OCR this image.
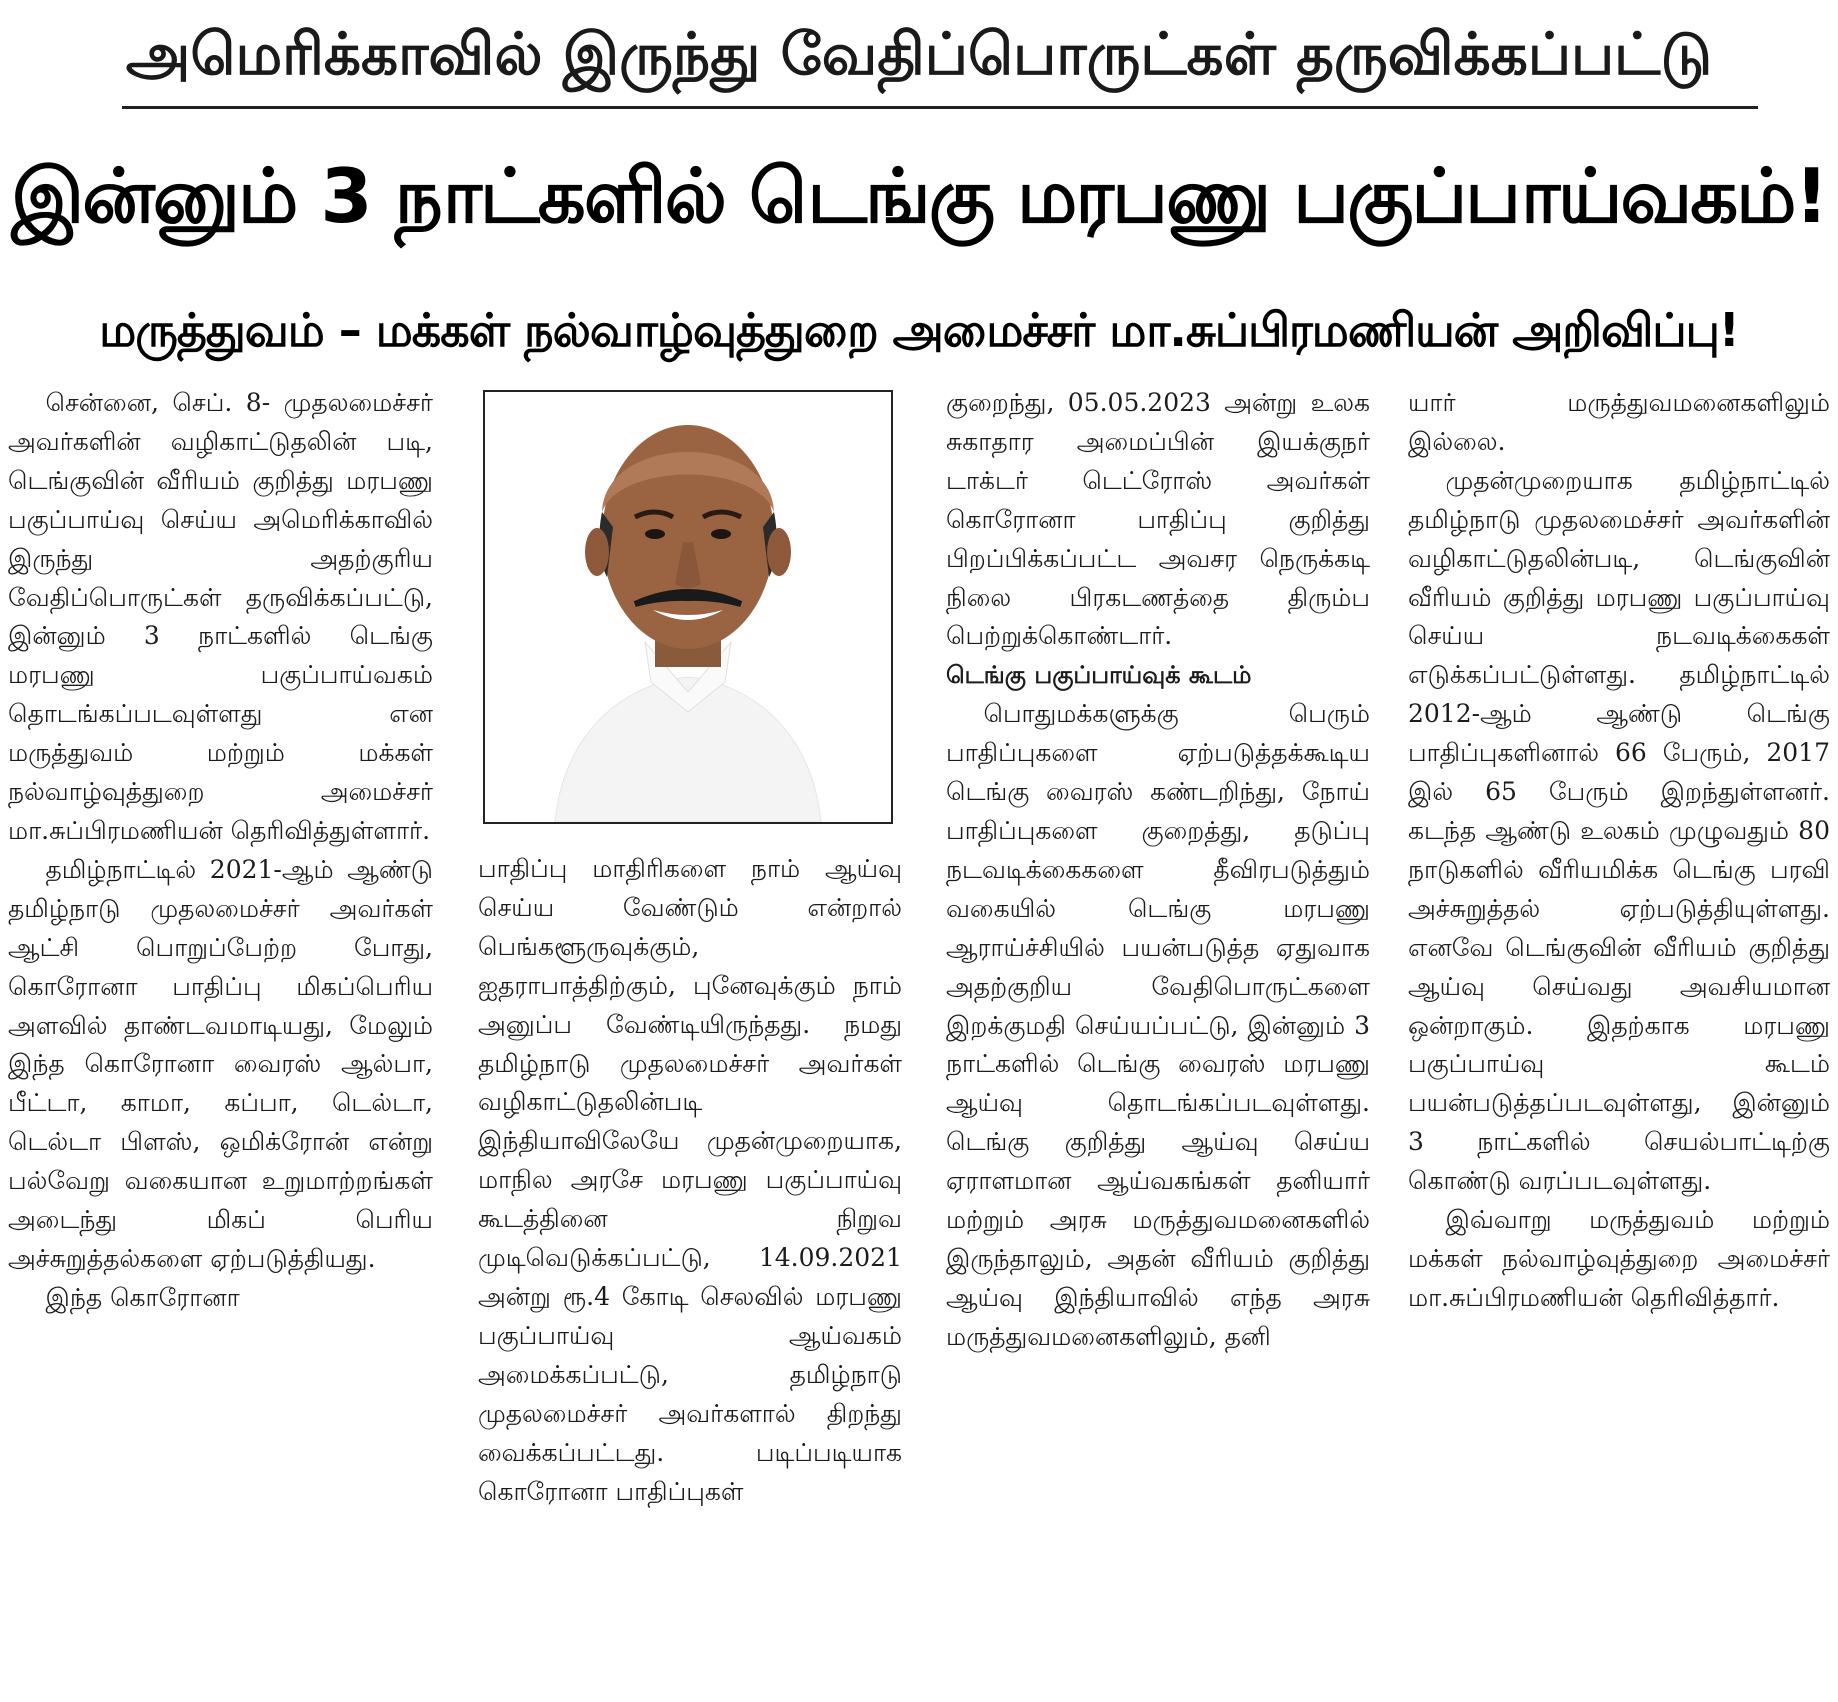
அமெரிக்காவில் இருந்து வேதிப்பொருட்கள் தருவிக்கப்பட்டு
இன்னும் 3 நாட்களில் டெங்கு மரபணு பகுப்பாய்வகம்!
மருத்துவம் – மக்கள் நல்வாழ்வுத்துறை அமைச்சர் மா.சுப்பிரமணியன் அறிவிப்பு!

சென்னை, செப். 8- முதலமைச்சர் அவர்களின் வழிகாட்டுதலின் படி, டெங்குவின் வீரியம் குறித்து மரபணு பகுப்பாய்வு செய்ய அமெரிக்காவில் இருந்து அதற்குரிய வேதிப்பொருட்கள் தருவிக்கப்பட்டு, இன்னும் 3 நாட்களில் டெங்கு மரபணு பகுப்பாய்வகம் தொடங்கப்படவுள்ளது என மருத்துவம் மற்றும் மக்கள் நல்வாழ்வுத்துறை அமைச்சர் மா.சுப்பிரமணியன் தெரிவித்துள்ளார்.

தமிழ்நாட்டில் 2021-ஆம் ஆண்டு தமிழ்நாடு முதலமைச்சர் அவர்கள் ஆட்சி பொறுப்பேற்ற போது, கொரோனா பாதிப்பு மிகப்பெரிய அளவில் தாண்டவமாடியது, மேலும் இந்த கொரோனா வைரஸ் ஆல்பா, பீட்டா, காமா, கப்பா, டெல்டா, டெல்டா பிளஸ், ஒமிக்ரோன் என்று பல்வேறு வகையான உறுமாற்றங்கள் அடைந்து மிகப் பெரிய அச்சுறுத்தல்களை ஏற்படுத்தியது.

இந்த கொரோனா

பாதிப்பு மாதிரிகளை நாம் ஆய்வு செய்ய வேண்டும் என்றால் பெங்களூருவுக்கும், ஐதராபாத்திற்கும், புனேவுக்கும் நாம் அனுப்ப வேண்டியிருந்தது. நமது தமிழ்நாடு முதலமைச்சர் அவர்கள் வழிகாட்டுதலின்படி இந்தியாவிலேயே முதன்முறையாக, மாநில அரசே மரபணு பகுப்பாய்வு கூடத்தினை நிறுவ முடிவெடுக்கப்பட்டு, 14.09.2021 அன்று ரூ.4 கோடி செலவில் மரபணு பகுப்பாய்வு ஆய்வகம் அமைக்கப்பட்டு, தமிழ்நாடு முதலமைச்சர் அவர்களால் திறந்து வைக்கப்பட்டது. படிப்படியாக கொரோனா பாதிப்புகள்

குறைந்து, 05.05.2023 அன்று உலக சுகாதார அமைப்பின் இயக்குநர் டாக்டர் டெட்ரோஸ் அவர்கள் கொரோனா பாதிப்பு குறித்து பிறப்பிக்கப்பட்ட அவசர நெருக்கடி நிலை பிரகடணத்தை திரும்ப பெற்றுக்கொண்டார்.

டெங்கு பகுப்பாய்வுக் கூடம்

பொதுமக்களுக்கு பெரும் பாதிப்புகளை ஏற்படுத்தக்கூடிய டெங்கு வைரஸ் கண்டறிந்து, நோய் பாதிப்புகளை குறைத்து, தடுப்பு நடவடிக்கைகளை தீவிரபடுத்தும் வகையில் டெங்கு மரபணு ஆராய்ச்சியில் பயன்படுத்த ஏதுவாக அதற்குறிய வேதிபொருட்களை இறக்குமதி செய்யப்பட்டு, இன்னும் 3 நாட்களில் டெங்கு வைரஸ் மரபணு ஆய்வு தொடங்கப்படவுள்ளது. டெங்கு குறித்து ஆய்வு செய்ய ஏராளமான ஆய்வகங்கள் தனியார் மற்றும் அரசு மருத்துவமனைகளில் இருந்தாலும், அதன் வீரியம் குறித்து ஆய்வு இந்தியாவில் எந்த அரசு மருத்துவமனைகளிலும், தனி

யார் மருத்துவமனைகளிலும் இல்லை.

முதன்முறையாக தமிழ்நாட்டில் தமிழ்நாடு முதலமைச்சர் அவர்களின் வழிகாட்டுதலின்படி, டெங்குவின் வீரியம் குறித்து மரபணு பகுப்பாய்வு செய்ய நடவடிக்கைகள் எடுக்கப்பட்டுள்ளது. தமிழ்நாட்டில் 2012-ஆம் ஆண்டு டெங்கு பாதிப்புகளினால் 66 பேரும், 2017 இல் 65 பேரும் இறந்துள்ளனர். கடந்த ஆண்டு உலகம் முழுவதும் 80 நாடுகளில் வீரியமிக்க டெங்கு பரவி அச்சுறுத்தல் ஏற்படுத்தியுள்ளது. எனவே டெங்குவின் வீரியம் குறித்து ஆய்வு செய்வது அவசியமான ஒன்றாகும். இதற்காக மரபணு பகுப்பாய்வு கூடம் பயன்படுத்தப்படவுள்ளது, இன்னும் 3 நாட்களில் செயல்பாட்டிற்கு கொண்டு வரப்படவுள்ளது.

இவ்வாறு மருத்துவம் மற்றும் மக்கள் நல்வாழ்வுத்துறை அமைச்சர் மா.சுப்பிரமணியன் தெரிவித்தார்.
